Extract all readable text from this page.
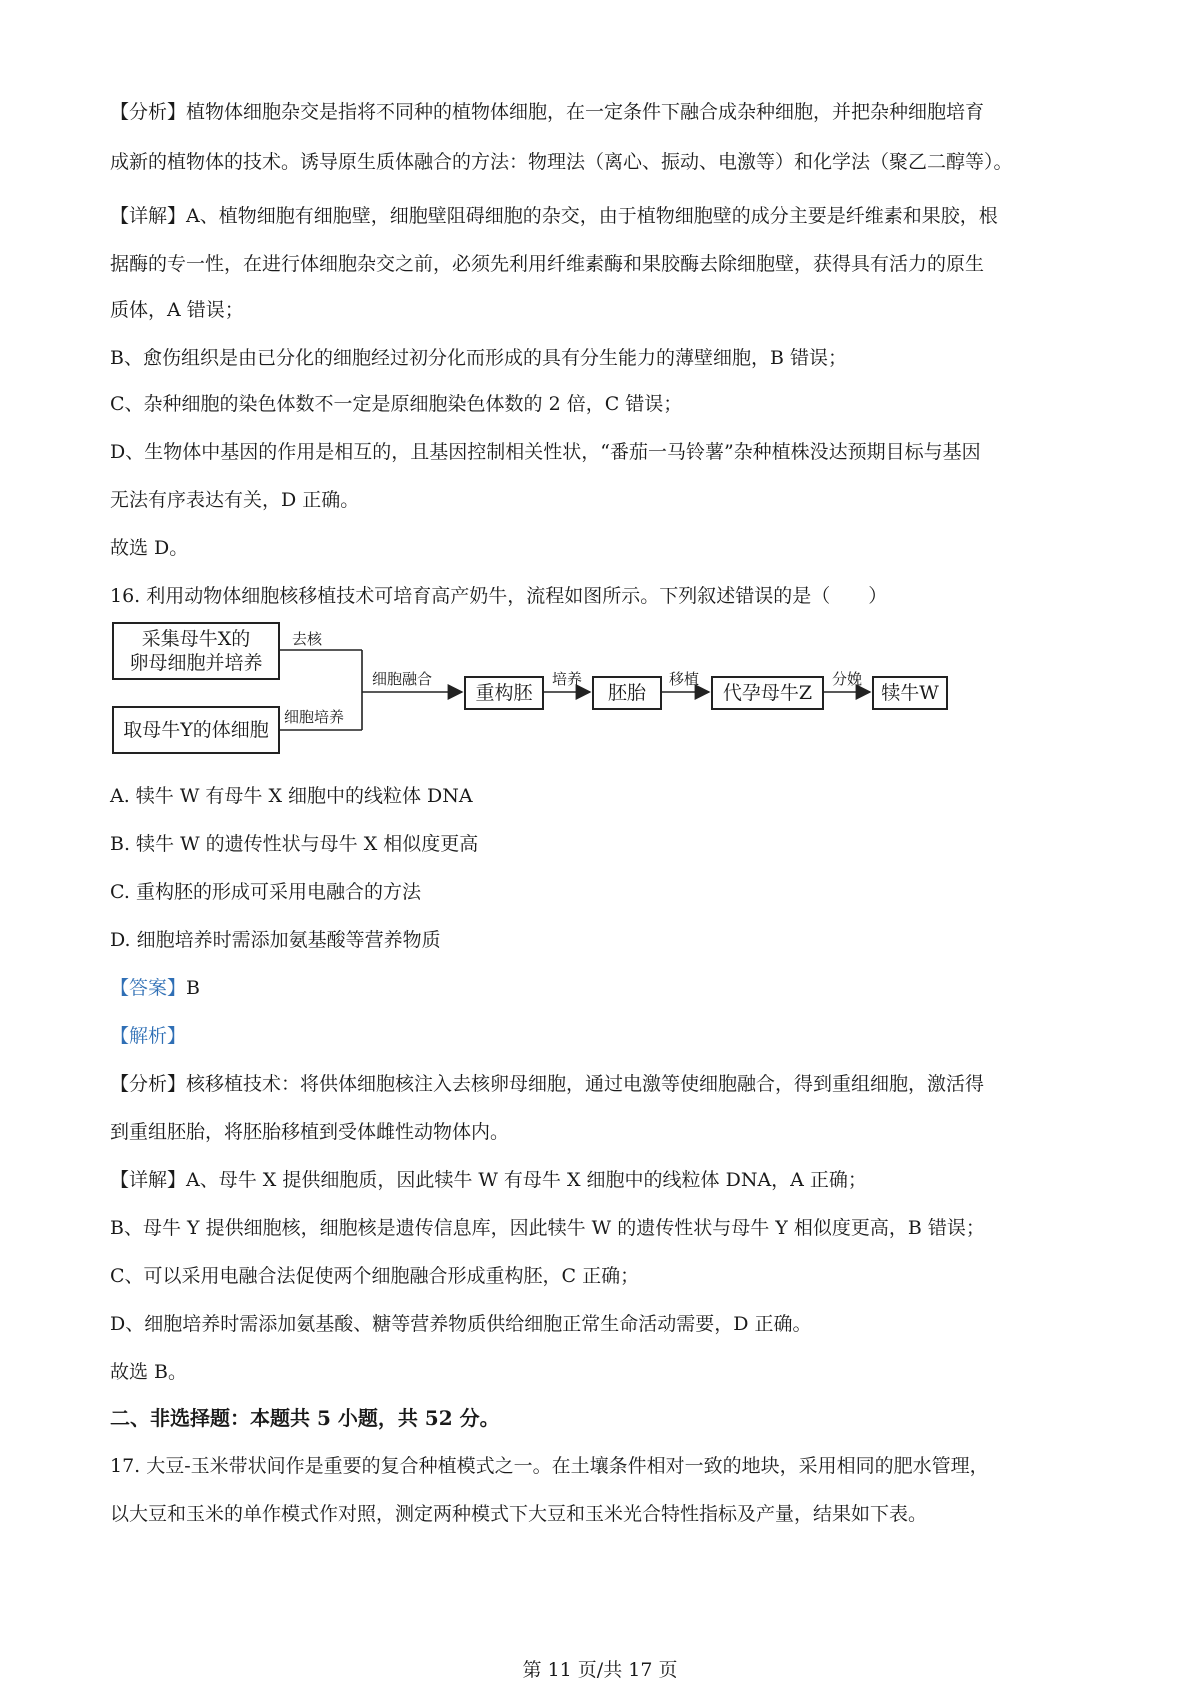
【分析】植物体细胞杂交是指将不同种的植物体细胞，在一定条件下融合成杂种细胞，并把杂种细胞培育
成新的植物体的技术。诱导原生质体融合的方法：物理法（离心、振动、电激等）和化学法（聚乙二醇等）。
【详解】A、植物细胞有细胞壁，细胞壁阻碍细胞的杂交，由于植物细胞壁的成分主要是纤维素和果胶，根
据酶的专一性，在进行体细胞杂交之前，必须先利用纤维素酶和果胶酶去除细胞壁，获得具有活力的原生
质体，A 错误；
B、愈伤组织是由已分化的细胞经过初分化而形成的具有分生能力的薄壁细胞，B 错误；
C、杂种细胞的染色体数不一定是原细胞染色体数的 2 倍，C 错误；
D、生物体中基因的作用是相互的，且基因控制相关性状，“番茄一马铃薯”杂种植株没达预期目标与基因
无法有序表达有关，D 正确。
故选 D。
16. 利用动物体细胞核移植技术可培育高产奶牛，流程如图所示。下列叙述错误的是（　　）
采集母牛X的
卵母细胞并培养
取母牛Y的体细胞
去核
细胞培养
细胞融合
重构胚
培养
胚胎
移植
代孕母牛Z
分娩
犊牛W
A. 犊牛 W 有母牛 X 细胞中的线粒体 DNA
B. 犊牛 W 的遗传性状与母牛 X 相似度更高
C. 重构胚的形成可采用电融合的方法
D. 细胞培养时需添加氨基酸等营养物质
【答案】B
【解析】
【分析】核移植技术：将供体细胞核注入去核卵母细胞，通过电激等使细胞融合，得到重组细胞，激活得
到重组胚胎，将胚胎移植到受体雌性动物体内。
【详解】A、母牛 X 提供细胞质，因此犊牛 W 有母牛 X 细胞中的线粒体 DNA，A 正确；
B、母牛 Y 提供细胞核，细胞核是遗传信息库，因此犊牛 W 的遗传性状与母牛 Y 相似度更高，B 错误；
C、可以采用电融合法促使两个细胞融合形成重构胚，C 正确；
D、细胞培养时需添加氨基酸、糖等营养物质供给细胞正常生命活动需要，D 正确。
故选 B。
二、非选择题：本题共 5 小题，共 52 分。
17. 大豆-玉米带状间作是重要的复合种植模式之一。在土壤条件相对一致的地块，采用相同的肥水管理，
以大豆和玉米的单作模式作对照，测定两种模式下大豆和玉米光合特性指标及产量，结果如下表。
第 11 页/共 17 页
